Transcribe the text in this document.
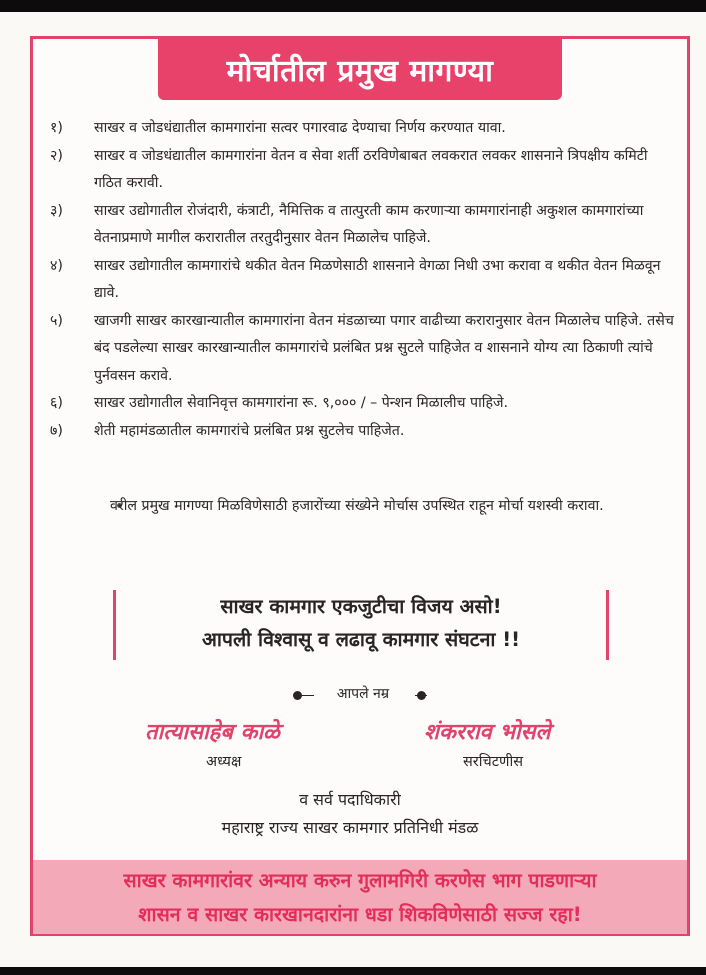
मोर्चातील प्रमुख मागण्या
१)	साखर व जोडधंद्यातील कामगारांना सत्वर पगारवाढ देण्याचा निर्णय करण्यात यावा.
२)	साखर व जोडधंद्यातील कामगारांना वेतन व सेवा शर्ती ठरविणेबाबत लवकरात लवकर शासनाने त्रिपक्षीय कमिटी गठित करावी.
३)	साखर उद्योगातील रोजंदारी, कंत्राटी, नैमित्तिक व तात्पुरती काम करणाऱ्या कामगारांनाही अकुशल कामगारांच्या वेतनाप्रमाणे मागील करारातील तरतुदीनुसार वेतन मिळालेच पाहिजे.
४)	साखर उद्योगातील कामगारांचे थकीत वेतन मिळणेसाठी शासनाने वेगळा निधी उभा करावा व थकीत वेतन मिळवून द्यावे.
५)	खाजगी साखर कारखान्यातील कामगारांना वेतन मंडळाच्या पगार वाढीच्या करारानुसार वेतन मिळालेच पाहिजे. तसेच बंद पडलेल्या साखर कारखान्यातील कामगारांचे प्रलंबित प्रश्न सुटले पाहिजेत व शासनाने योग्य त्या ठिकाणी त्यांचे पुर्नवसन करावे.
६)	साखर उद्योगातील सेवानिवृत्त कामगारांना रू. ९,००० / – पेन्शन मिळालीच पाहिजे.
७)	शेती महामंडळातील कामगारांचे प्रलंबित प्रश्न सुटलेच पाहिजेत.
वरील प्रमुख मागण्या मिळविणेसाठी हजारोंच्या संख्येने मोर्चास उपस्थित राहून मोर्चा यशस्वी करावा.
साखर कामगार एकजुटीचा विजय असो!
आपली विश्वासू व लढावू कामगार संघटना !!
आपले नम्र
तात्यासाहेब काळे
अध्यक्ष
शंकरराव भोसले
सरचिटणीस
व सर्व पदाधिकारी
महाराष्ट्र राज्य साखर कामगार प्रतिनिधी मंडळ
साखर कामगारांवर अन्याय करुन गुलामगिरी करणेस भाग पाडणाऱ्या
शासन व साखर कारखानदारांना धडा शिकविणेसाठी सज्ज रहा!
